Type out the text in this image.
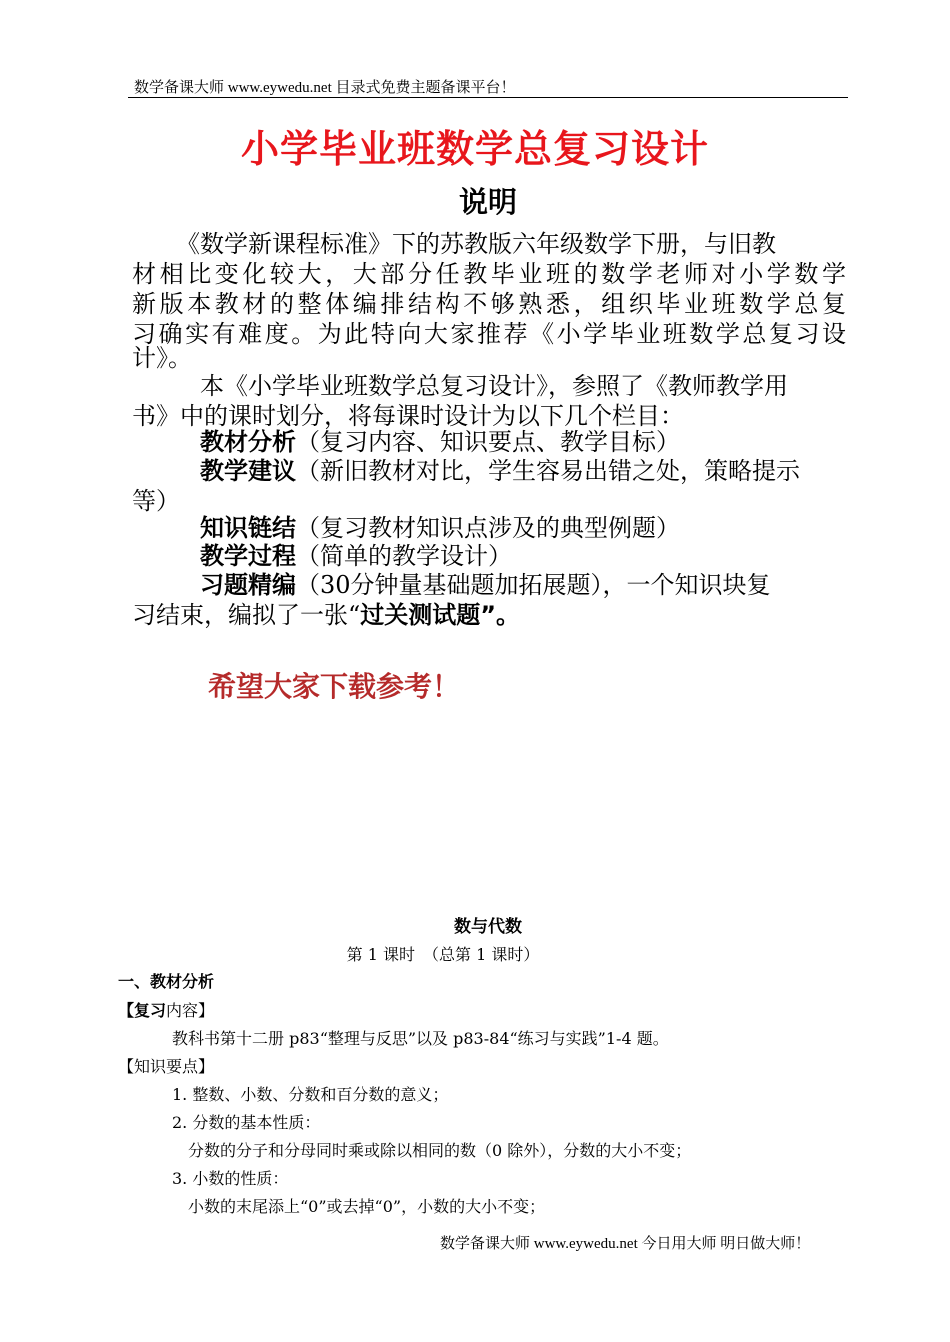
数学备课大师 www.eywedu.net 目录式免费主题备课平台！
小学毕业班数学总复习设计
说明
《数学新课程标准》下的苏教版六年级数学下册，与旧教
材相比变化较大，大部分任教毕业班的数学老师对小学数学
新版本教材的整体编排结构不够熟悉，组织毕业班数学总复
习确实有难度。为此特向大家推荐《小学毕业班数学总复习设
计》。
本《小学毕业班数学总复习设计》，参照了《教师教学用
书》中的课时划分，将每课时设计为以下几个栏目：
教材分析（复习内容、知识要点、教学目标）
教学建议（新旧教材对比，学生容易出错之处，策略提示
等）
知识链结（复习教材知识点涉及的典型例题）
教学过程（简单的教学设计）
习题精编（30分钟量基础题加拓展题），一个知识块复
习结束，编拟了一张“过关测试题”。
希望大家下载参考！
数与代数
第 1 课时　（总第 1 课时）
一、教材分析
【复习内容】
教科书第十二册 p83“整理与反思”以及 p83-84“练习与实践”1-4 题。
【知识要点】
1. 整数、小数、分数和百分数的意义；
2. 分数的基本性质：
分数的分子和分母同时乘或除以相同的数（0 除外），分数的大小不变；
3. 小数的性质：
小数的末尾添上“0”或去掉“0”，小数的大小不变；
数学备课大师 www.eywedu.net 今日用大师 明日做大师！
